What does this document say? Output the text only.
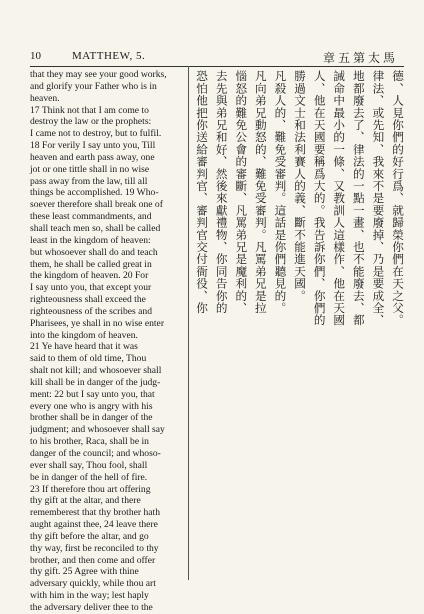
10	MATTHEW, 5.	章五第太馬
that they may see your good works,
and glorify your Father who is in
heaven.
17 Think not that I am come to
destroy the law or the prophets:
I came not to destroy, but to fulfil.
18 For verily I say unto you, Till
heaven and earth pass away, one
jot or one tittle shall in no wise
pass away from the law, till all
things be accomplished. 19 Who-
soever therefore shall break one of
these least commandments, and
shall teach men so, shall be called
least in the kingdom of heaven:
but whosoever shall do and teach
them, he shall be called great in
the kingdom of heaven. 20 For
I say unto you, that except your
righteousness shall exceed the
righteousness of the scribes and
Pharisees, ye shall in no wise enter
into the kingdom of heaven.
21 Ye have heard that it was
said to them of old time, Thou
shalt not kill; and whosoever shall
kill shall be in danger of the judg-
ment: 22 but I say unto you, that
every one who is angry with his
brother shall be in danger of the
judgment; and whosoever shall say
to his brother, Raca, shall be in
danger of the council; and whoso-
ever shall say, Thou fool, shall
be in danger of the hell of fire.
23 If therefore thou art offering
thy gift at the altar, and there
rememberest that thy brother hath
aught against thee, 24 leave there
thy gift before the altar, and go
thy way, first be reconciled to thy
brother, and then come and offer
thy gift. 25 Agree with thine
adversary quickly, while thou art
with him in the way; lest haply
the adversary deliver thee to the
德、人見你們的好行爲、就歸榮你們在天之父。
律法、或先知、我來不是要廢掉、乃是要成全、
地都廢去了、律法的一點一畫、也不能廢去、都
誡命中最小的一條、又教訓人這樣作、他在天國
人、他在天國要稱爲大的。我告訴你們、你們的
勝過文士和法利賽人的義、斷不能進天國。
凡殺人的、難免受審判。這話是你們聽見的。
凡向弟兄動怒的、難免受審判。凡罵弟兄是拉
惱怒的難免公會的審斷、凡罵弟兄是魔利的、
去先與弟兄和好、然後來獻禮物、你同告你的
恐怕他把你送給審判官、審判官交付衙役、你
